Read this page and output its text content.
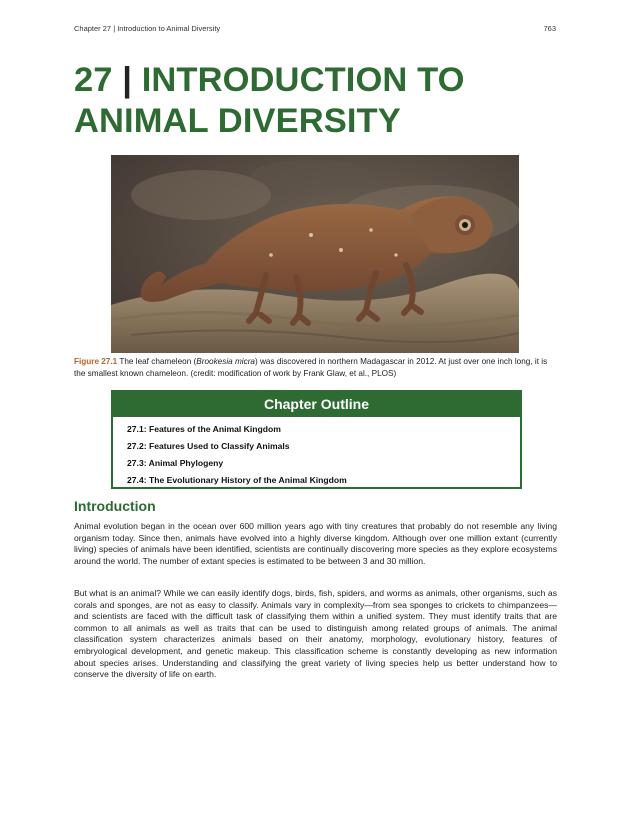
Chapter 27 | Introduction to Animal Diversity	763
27 | INTRODUCTION TO ANIMAL DIVERSITY
Figure 27.1 The leaf chameleon (Brookesia micra) was discovered in northern Madagascar in 2012. At just over one inch long, it is the smallest known chameleon. (credit: modification of work by Frank Glaw, et al., PLOS)
Chapter Outline
27.1: Features of the Animal Kingdom
27.2: Features Used to Classify Animals
27.3: Animal Phylogeny
27.4: The Evolutionary History of the Animal Kingdom
Introduction

Animal evolution began in the ocean over 600 million years ago with tiny creatures that probably do not resemble any living organism today. Since then, animals have evolved into a highly diverse kingdom. Although over one million extant (currently living) species of animals have been identified, scientists are continually discovering more species as they explore ecosystems around the world. The number of extant species is estimated to be between 3 and 30 million.

But what is an animal? While we can easily identify dogs, birds, fish, spiders, and worms as animals, other organisms, such as corals and sponges, are not as easy to classify. Animals vary in complexity—from sea sponges to crickets to chimpanzees—and scientists are faced with the difficult task of classifying them within a unified system. They must identify traits that are common to all animals as well as traits that can be used to distinguish among related groups of animals. The animal classification system characterizes animals based on their anatomy, morphology, evolutionary history, features of embryological development, and genetic makeup. This classification scheme is constantly developing as new information about species arises. Understanding and classifying the great variety of living species help us better understand how to conserve the diversity of life on earth.
